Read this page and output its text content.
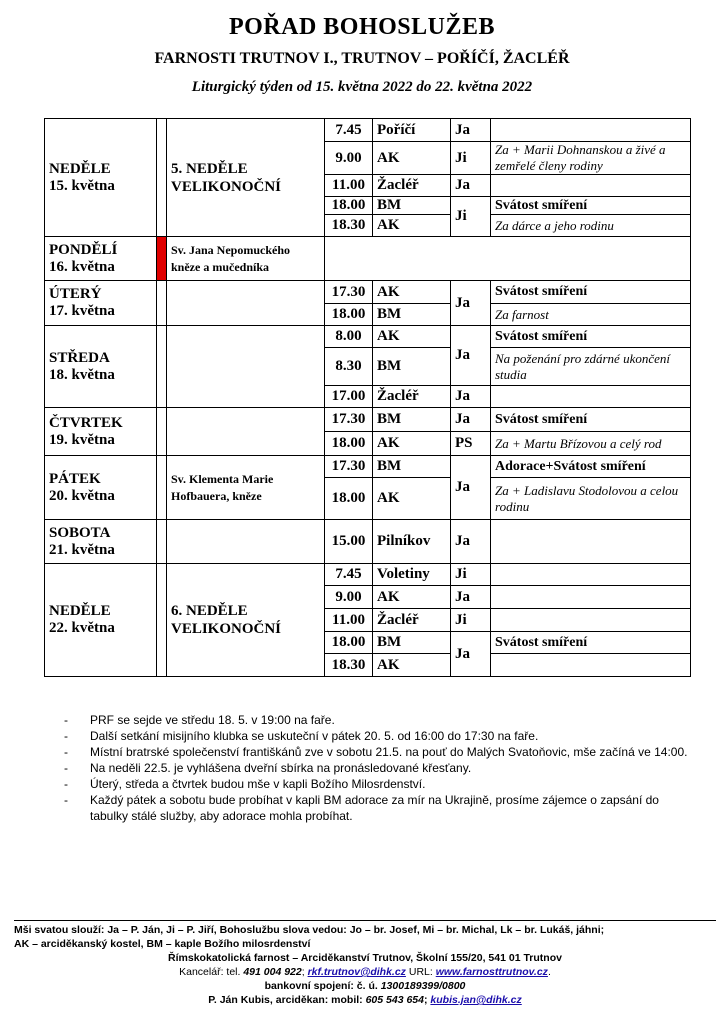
POŘAD BOHOSLUŽEB
FARNOSTI TRUTNOV I., TRUTNOV – POŘÍČÍ, ŽACLÉŘ
Liturgický týden od 15. května 2022 do 22. května 2022
NEDĚLE
15. května		5. NEDĚLE VELIKONOČNÍ	7.45	Poříčí	Ja	
			9.00	AK	Ji	Za + Marii Dohnanskou a živé a zemřelé členy rodiny
			11.00	Žacléř	Ja	
			18.00	BM	Ji	Svátost smíření
			18.30	AK		Za dárce a jeho rodinu

PONDĚLÍ
16. května		Sv. Jana Nepomuckého kněze a mučedníka				

ÚTERÝ
17. května			17.30	AK	Ja	Svátost smíření
			18.00	BM		Za farnost

STŘEDA
18. května			8.00	AK	Ja	Svátost smíření
			8.30	BM		Na poženání pro zdárné ukončení studia
			17.00	Žacléř	Ja	

ČTVRTEK
19. května			17.30	BM	Ja	Svátost smíření
			18.00	AK	PS	Za + Martu Břízovou a celý rod

PÁTEK
20. května		Sv. Klementa Marie Hofbauera, kněze	17.30	BM	Ja	Adorace+Svátost smíření
			18.00	AK		Za + Ladislavu Stodolovou a celou rodinu

SOBOTA
21. května			15.00	Pilníkov	Ja	

NEDĚLE
22. května		6. NEDĚLE VELIKONOČNÍ	7.45	Voletiny	Ji	
			9.00	AK	Ja	
			11.00	Žacléř	Ji	
			18.00	BM	Ja	Svátost smíření
			18.30	AK		
- PRF se sejde ve středu 18. 5. v 19:00 na faře.
- Další setkání misijního klubka se uskuteční v pátek 20. 5. od 16:00 do 17:30 na faře.
- Místní bratrské společenství františkánů zve v sobotu 21.5. na pouť do Malých Svatoňovic, mše začíná ve 14:00.
- Na neděli 22.5. je vyhlášena dveřní sbírka na pronásledované křesťany.
- Úterý, středa a čtvrtek budou mše v kapli Božího Milosrdenství.
- Každý pátek a sobotu bude probíhat v kapli BM adorace za mír na Ukrajině, prosíme zájemce o zapsání do tabulky stálé služby, aby adorace mohla probíhat.
Mši svatou slouží: Ja – P. Ján, Ji – P. Jiří, Bohoslužbu slova vedou: Jo – br. Josef, Mi – br. Michal, Lk – br. Lukáš, jáhni;
AK – arciděkanský kostel, BM – kaple Božího milosrdenství
Římskokatolická farnost – Arciděkanství Trutnov, Školní 155/20, 541 01 Trutnov
Kancelář: tel. 491 004 922; rkf.trutnov@dihk.cz URL: www.farnosttrutnov.cz.
bankovní spojení: č. ú. 1300189399/0800
P. Ján Kubis, arciděkan: mobil: 605 543 654; kubis.jan@dihk.cz
